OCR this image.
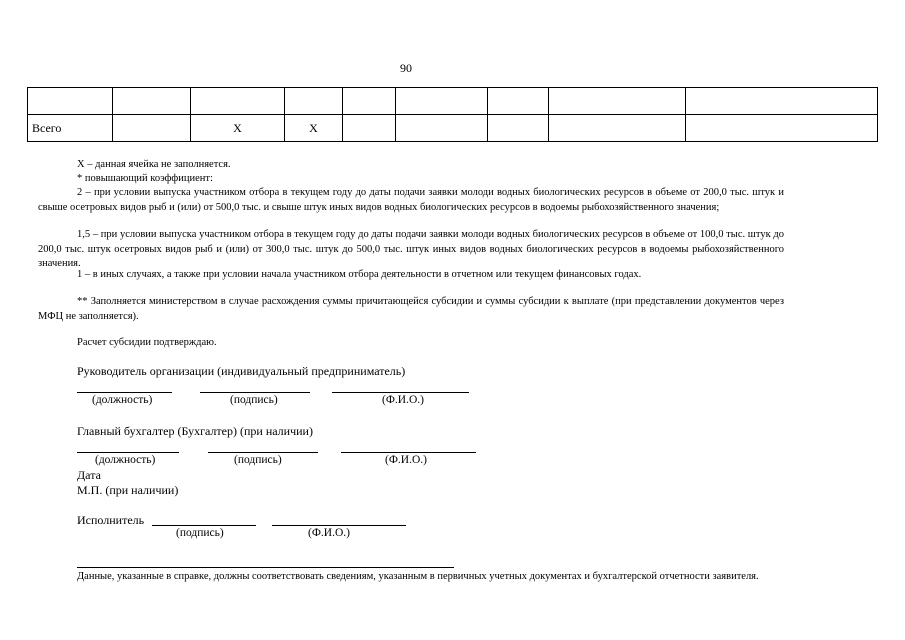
90

Всего		X	X					
X – данная ячейка не заполняется.
* повышающий коэффициент:
2 – при условии выпуска участником отбора в текущем году до даты подачи заявки молоди водных биологических ресурсов в объеме от 200,0 тыс. штук и свыше осетровых видов рыб и (или) от 500,0 тыс. и свыше штук иных видов водных биологических ресурсов в водоемы рыбохозяйственного значения;
1,5 – при условии выпуска участником отбора в текущем году до даты подачи заявки молоди водных биологических ресурсов в объеме от 100,0 тыс. штук до 200,0 тыс. штук осетровых видов рыб и (или) от 300,0 тыс. штук до 500,0 тыс. штук иных видов водных биологических ресурсов в водоемы рыбохозяйственного значения.
1 – в иных случаях, а также при условии начала участником отбора деятельности в отчетном или текущем финансовых годах.
** Заполняется министерством в случае расхождения суммы причитающейся субсидии и суммы субсидии к выплате (при представлении документов через МФЦ не заполняется).
Расчет субсидии подтверждаю.
Руководитель организации (индивидуальный предприниматель)
(должность)	(подпись)	(Ф.И.О.)
Главный бухгалтер (Бухгалтер) (при наличии)
(должность)	(подпись)	(Ф.И.О.)
Дата
М.П. (при наличии)
Исполнитель
(подпись)	(Ф.И.О.)
Данные, указанные в справке, должны соответствовать сведениям, указанным в первичных учетных документах и бухгалтерской отчетности заявителя.
